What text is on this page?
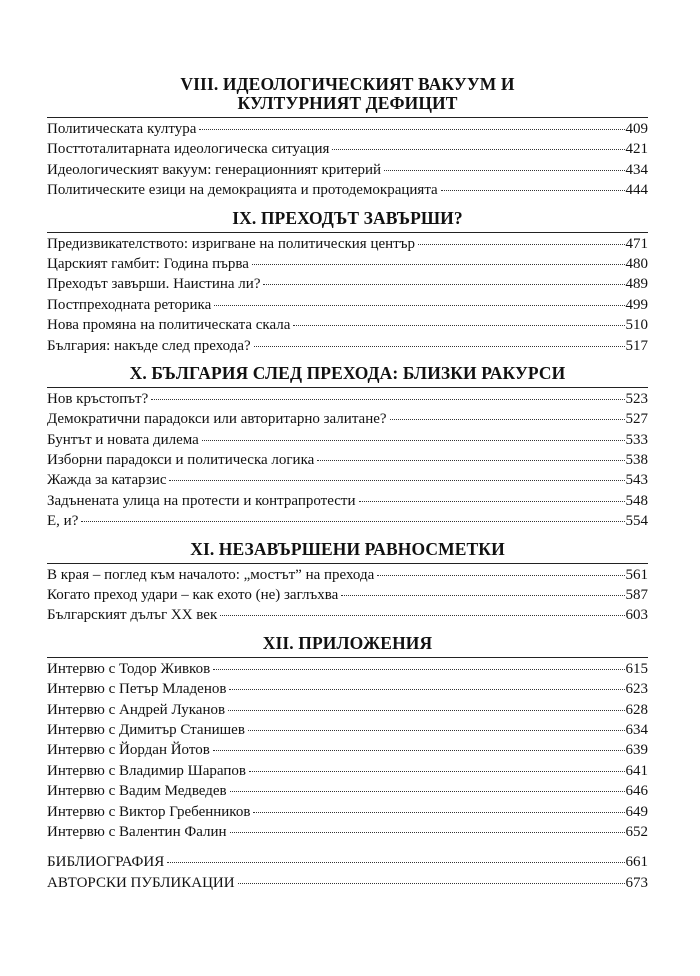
VIII. ИДЕОЛОГИЧЕСКИЯТ ВАКУУМ И
КУЛТУРНИЯТ ДЕФИЦИТ
Политическата култура	409
Посттоталитарната идеологическа ситуация	421
Идеологическият вакуум: генерационният критерий	434
Политическите езици на демокрацията и протодемокрацията	444
IX. ПРЕХОДЪТ ЗАВЪРШИ?
Предизвикателството: изригване на политическия център	471
Царският гамбит: Година първа	480
Преходът завърши. Наистина ли?	489
Постпреходната реторика	499
Нова промяна на политическата скала	510
България: накъде след прехода?	517
X. БЪЛГАРИЯ СЛЕД ПРЕХОДА: БЛИЗКИ РАКУРСИ
Нов кръстопът?	523
Демократични парадокси или авторитарно залитане?	527
Бунтът и новата дилема	533
Изборни парадокси и политическа логика	538
Жажда за катарзис	543
Задънената улица на протести и контрапротести	548
Е, и?	554
XI. НЕЗАВЪРШЕНИ РАВНОСМЕТКИ
В края – поглед към началото: „мостът” на прехода	561
Когато преход удари – как ехото (не) заглъхва	587
Българският дълъг ХХ век	603
XII. ПРИЛОЖЕНИЯ
Интервю с Тодор Живков	615
Интервю с Петър Младенов	623
Интервю с Андрей Луканов	628
Интервю с Димитър Станишев	634
Интервю с Йордан Йотов	639
Интервю с Владимир Шарапов	641
Интервю с Вадим Медведев	646
Интервю с Виктор Гребенников	649
Интервю с Валентин Фалин	652
БИБЛИОГРАФИЯ	661
АВТОРСКИ ПУБЛИКАЦИИ	673
